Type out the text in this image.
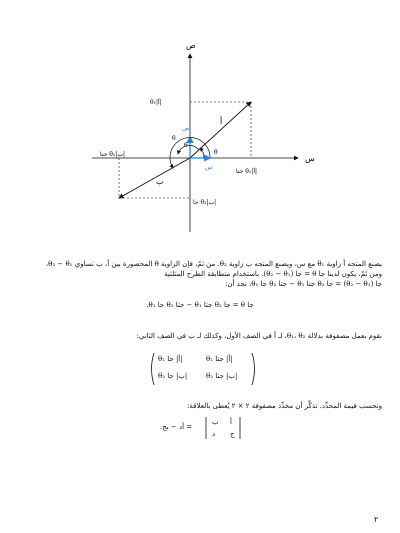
س
ص
أ
ب
س
ص
θ
θ
θ
θ‎₁|‎أ|
جتا θ‎₁|أ|
جتا θ‎₂|ب|
جا θ‎₂|ب|
يصنع المتجه أ زاوية θ₁ مع س، ويصنع المتجه ب زاوية θ₂. من ثمّ، فإن الزاوية θ المحصورة بين أ، ب تساوي θ₂ − θ₁،
ومن ثَمّ، يكون لدينا جا θ = جا (θ₂ − θ₁). باستخدام متطابقة الطرح المثلثية
جا (θ₂ − θ₁) = جا θ₂ جتا θ₁ − جتا θ₂ جا θ₁، نجد أن:
جا θ = جا θ₂ جتا θ₁ − جتا θ₂ جا θ₁.
نقوم بعمل مصفوفة بدلالة θ₁، θ₂، لـ أ في الصف الأول، وكذلك لـ ب في الصف الثاني:
|أ| جا θ₁	|أ| جتا θ₁
|ب| جا θ₂	|ب| جتا θ₂
ونحسب قيمة المحدِّد. تذكَّر أن محدِّد مصفوفة ٢ × ٢ يُعطى بالعلاقة:
= أد − بج.
ب أ
د ج
٢
